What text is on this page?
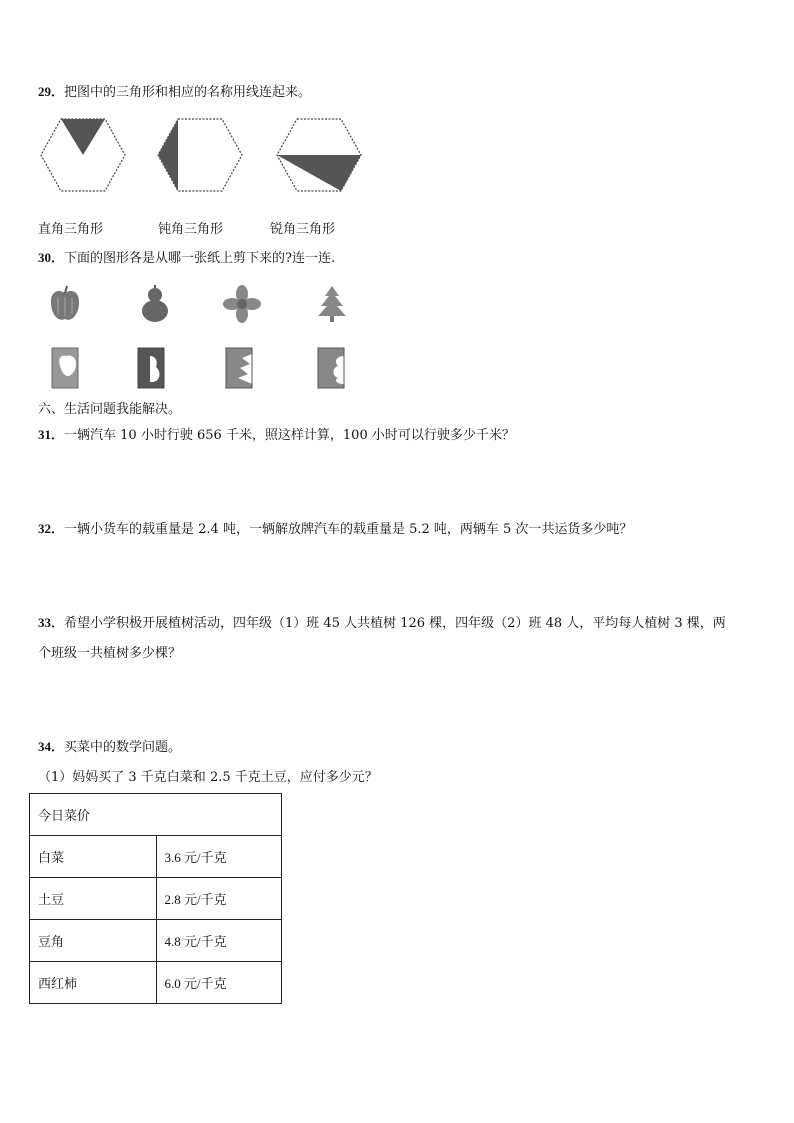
29．把图中的三角形和相应的名称用线连起来。
直角三角形	钝角三角形	锐角三角形
30．下面的图形各是从哪一张纸上剪下来的?连一连.
六、生活问题我能解决。
31．一辆汽车 10 小时行驶 656 千米，照这样计算，100 小时可以行驶多少千米？
32．一辆小货车的载重量是 2.4 吨，一辆解放牌汽车的载重量是 5.2 吨，两辆车 5 次一共运货多少吨？
33．希望小学积极开展植树活动，四年级（1）班 45 人共植树 126 棵，四年级（2）班 48 人，平均每人植树 3 棵，两
个班级一共植树多少棵？
34．买菜中的数学问题。
（1）妈妈买了 3 千克白菜和 2.5 千克土豆，应付多少元？
今日菜价	
白菜	3.6 元/千克
土豆	2.8 元/千克
豆角	4.8 元/千克
西红柿	6.0 元/千克
